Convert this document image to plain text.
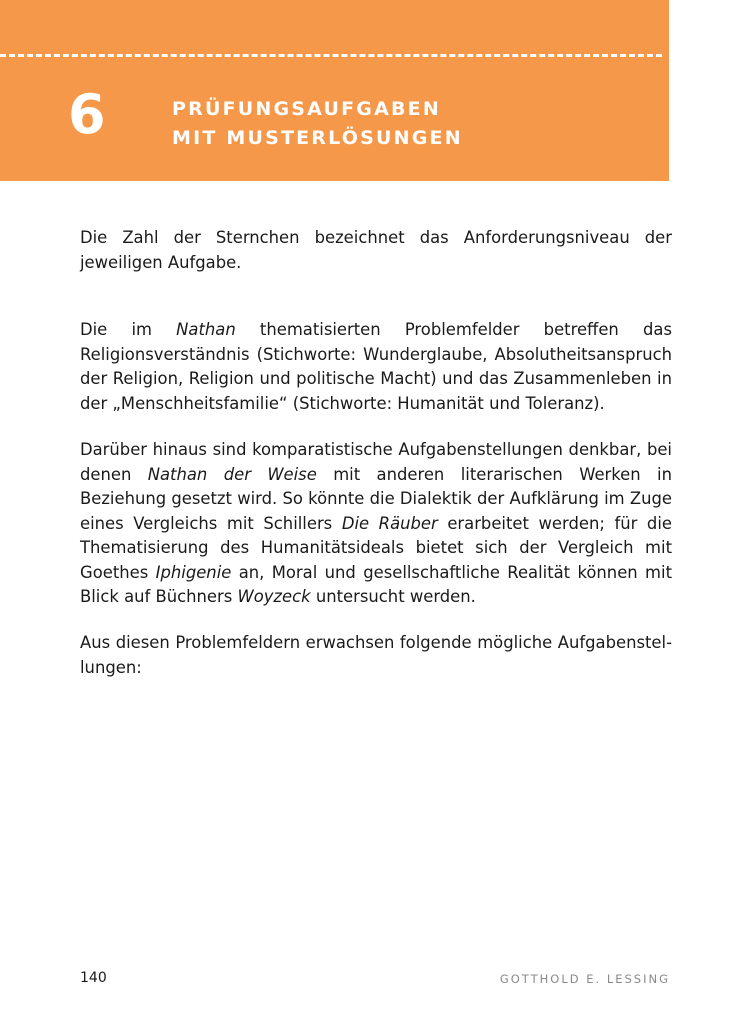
6	PRÜFUNGSAUFGABEN
MIT MUSTERLÖSUNGEN

Die Zahl der Sternchen bezeichnet das Anforderungsniveau der jeweiligen Aufgabe.

Die im Nathan thematisierten Problemfelder betreffen das Religionsverständnis (Stichworte: Wunderglaube, Absolutheitsanspruch der Religion, Religion und politische Macht) und das Zusammenleben in der „Menschheitsfamilie“ (Stichworte: Humanität und Toleranz).

Darüber hinaus sind komparatistische Aufgabenstellungen denkbar, bei denen Nathan der Weise mit anderen literarischen Werken in Beziehung gesetzt wird. So könnte die Dialektik der Aufklärung im Zuge eines Vergleichs mit Schillers Die Räuber erarbeitet werden; für die Thematisierung des Humanitätsideals bietet sich der Vergleich mit Goethes Iphigenie an, Moral und gesellschaftliche Realität können mit Blick auf Büchners Woyzeck untersucht werden.

Aus diesen Problemfeldern erwachsen folgende mögliche Aufgabenstellungen:

140	GOTTHOLD E. LESSING
